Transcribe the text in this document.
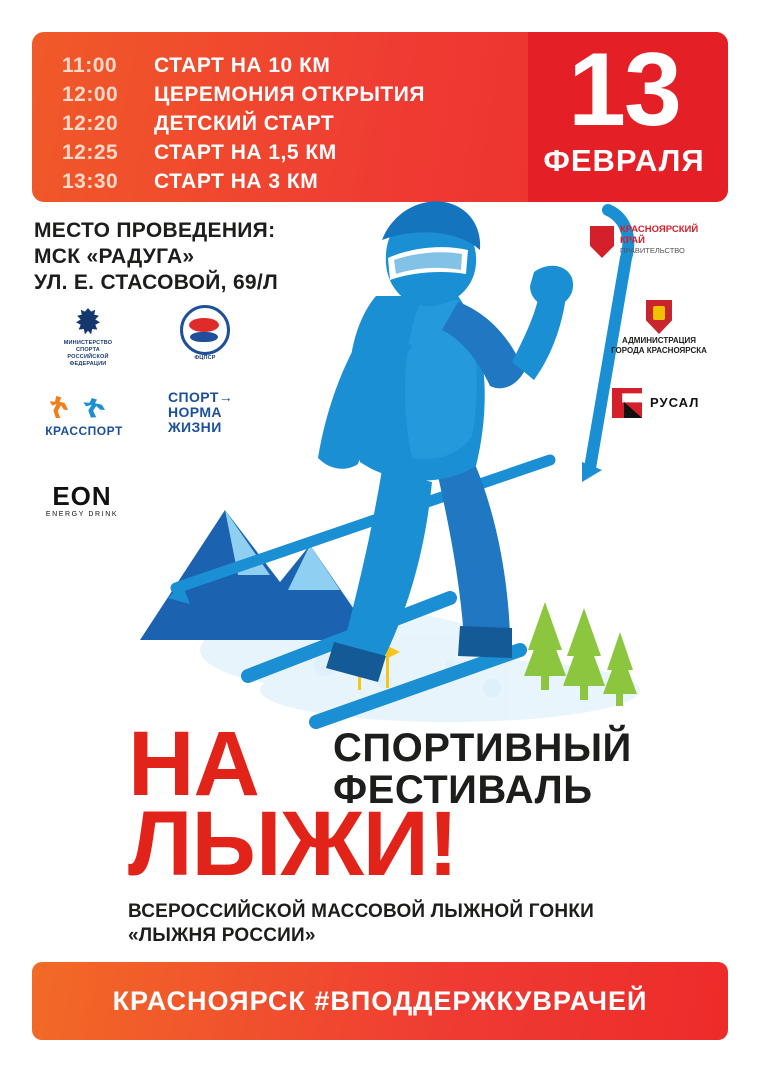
11:00	СТАРТ НА 10 КМ
12:00	ЦЕРЕМОНИЯ ОТКРЫТИЯ
12:20	ДЕТСКИЙ СТАРТ
12:25	СТАРТ НА 1,5 КМ
13:30	СТАРТ НА 3 КМ
13
ФЕВРАЛЯ
МЕСТО ПРОВЕДЕНИЯ:
МСК «РАДУГА»
УЛ. Е. СТАСОВОЙ, 69/Л
МИНИСТЕРСТВО СПОРТА
РОССИЙСКОЙ ФЕДЕРАЦИИ
ФЦПСР
КРАССПОРТ
СПОРТ→
НОРМА
ЖИЗНИ
EON
ENERGY DRINK
КРАСНОЯРСКИЙ
КРАЙ
ПРАВИТЕЛЬСТВО
АДМИНИСТРАЦИЯ
ГОРОДА КРАСНОЯРСКА
РУСАЛ
НА
ЛЫЖИ!
СПОРТИВНЫЙ
ФЕСТИВАЛЬ
ВСЕРОССИЙСКОЙ МАССОВОЙ ЛЫЖНОЙ ГОНКИ
«ЛЫЖНЯ РОССИИ»
КРАСНОЯРСК #ВПОДДЕРЖКУВРАЧЕЙ
